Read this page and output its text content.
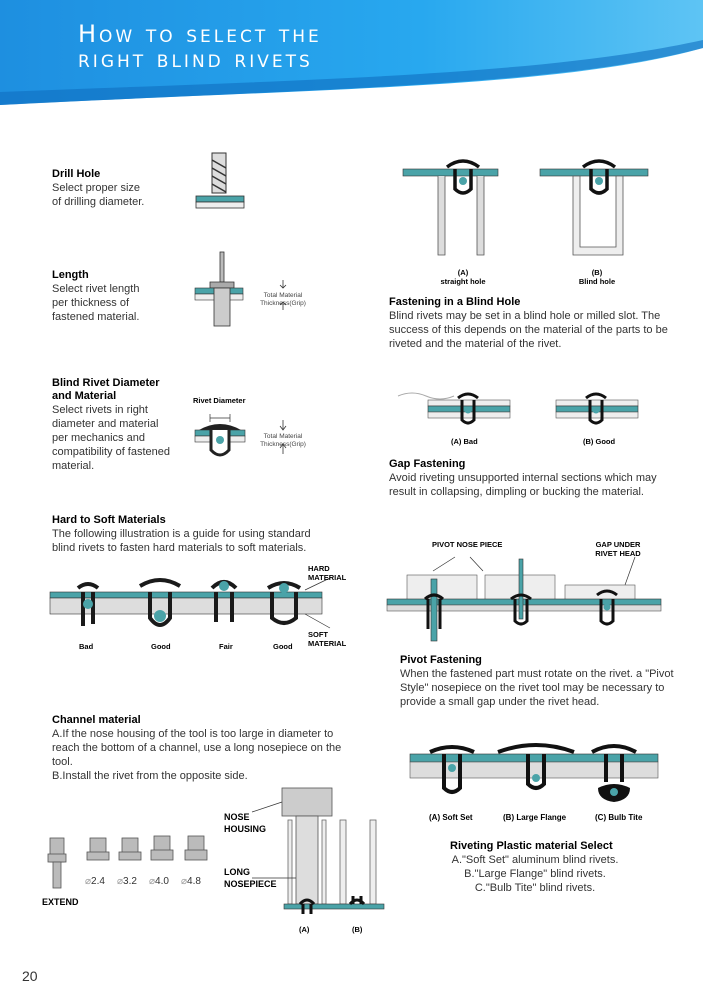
How to select the
right blind rivets
Drill Hole
Select proper size
of drilling diameter.
Length
Select rivet length
per thickness of
fastened material.
Total Material
Thickness(Grip)
Blind Rivet Diameter
and Material
Select rivets in right
diameter and material
per mechanics and
compatibility of fastened
material.
Rivet Diameter
Total Material
Thickness(Grip)
Hard to Soft Materials
The following illustration is a guide for using standard
blind rivets to fasten hard materials to soft materials.
Bad	Good	Fair	Good
HARD
MATERIAL
SOFT
MATERIAL
Channel material
A.If the nose housing of the tool is too large in diameter to
reach the bottom of a channel, use a long nosepiece on the
tool.
B.Install the rivet from the opposite side.
⌀2.4 ⌀3.2 ⌀4.0 ⌀4.8
EXTEND
NOSE
HOUSING
LONG
NOSEPIECE
(A)	(B)
(A)
straight hole
(B)
Blind hole
Fastening in a Blind Hole
Blind rivets may be set in a blind hole or milled slot. The
success of this depends on the material of the parts to be
riveted and the material of the rivet.
(A) Bad	(B) Good
Gap Fastening
Avoid riveting unsupported internal sections which may
result in collapsing, dimpling or bucking the material.
PIVOT NOSE PIECE	GAP UNDER
RIVET HEAD
Pivot Fastening
When the fastened part must rotate on the rivet. a "Pivot
Style" nosepiece on the rivet tool may be necessary to
provide a small gap under the rivet head.
(A) Soft Set	(B) Large Flange	(C) Bulb Tite
Riveting Plastic material Select
A."Soft Set" aluminum blind rivets.
B."Large Flange" blind rivets.
C."Bulb Tite" blind rivets.
20
